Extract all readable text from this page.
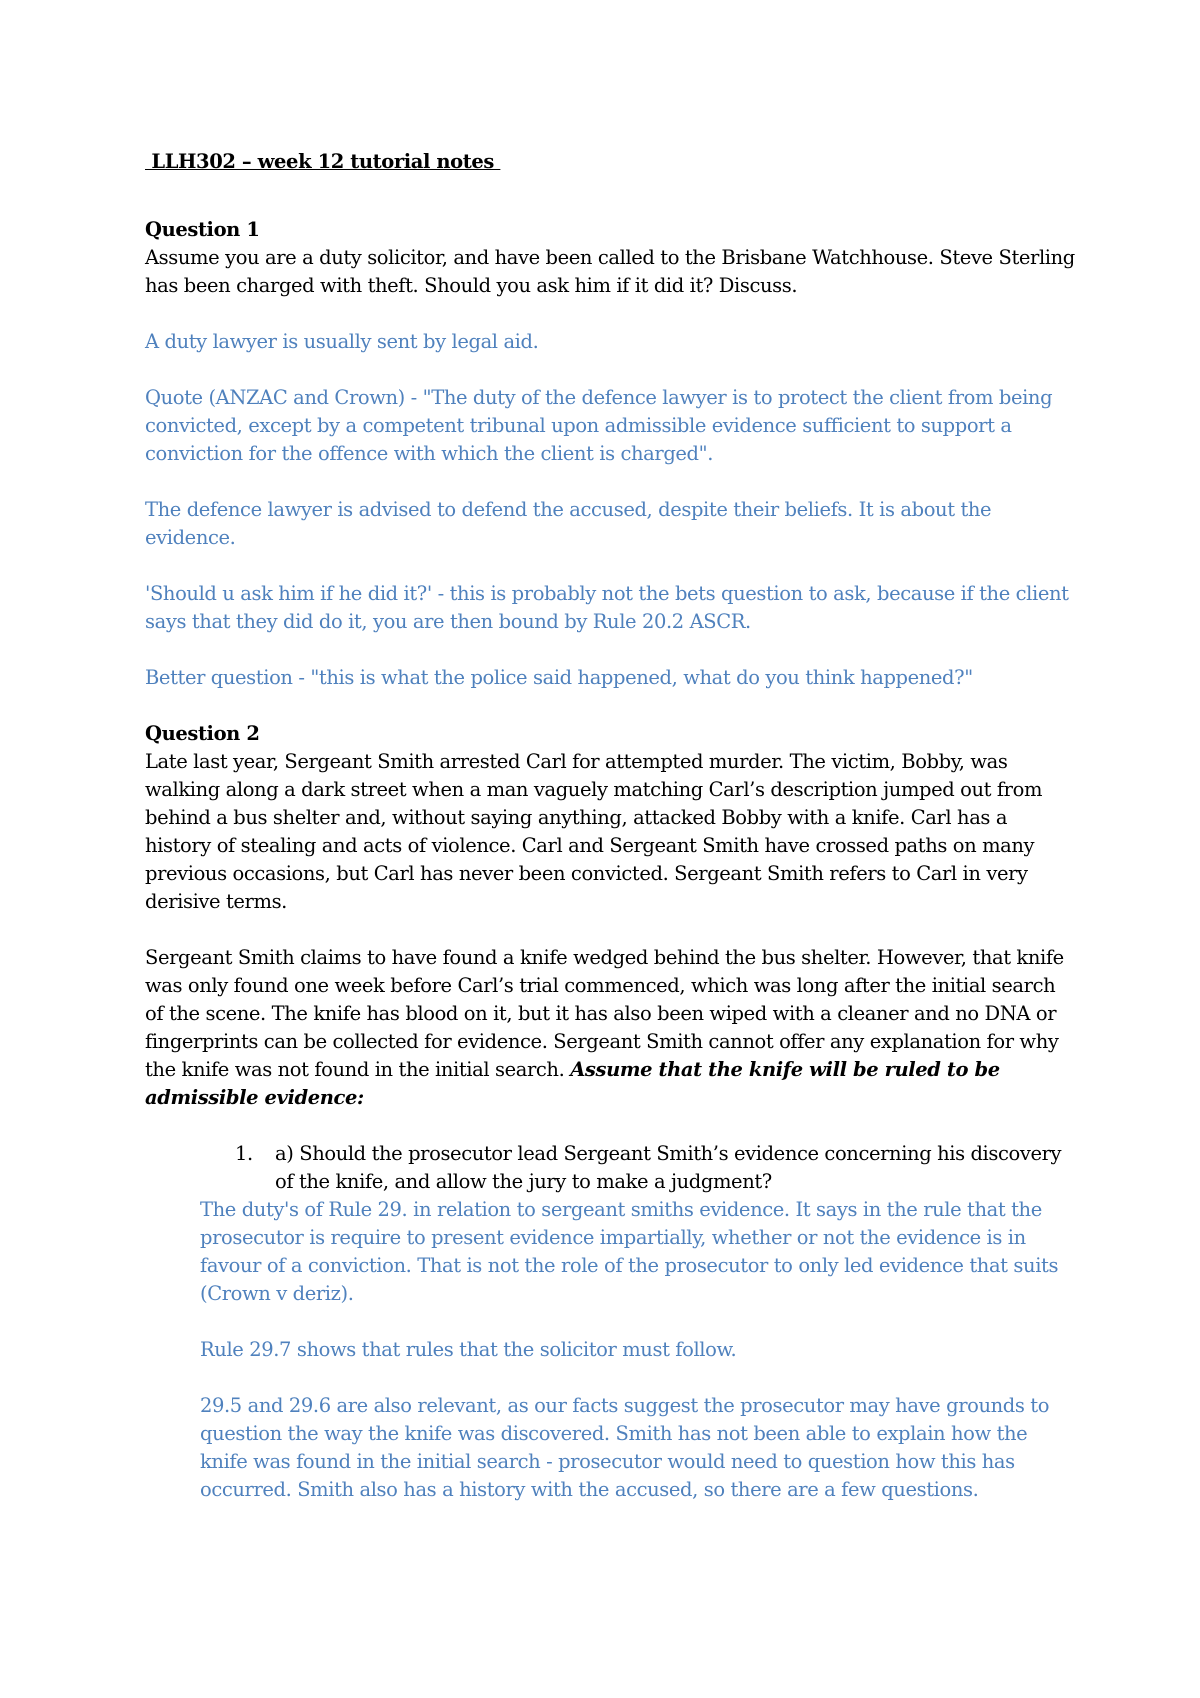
LLH302 – week 12 tutorial notes

Question 1

Assume you are a duty solicitor, and have been called to the Brisbane Watchhouse. Steve Sterling has been charged with theft. Should you ask him if it did it? Discuss.

A duty lawyer is usually sent by legal aid.

Quote (ANZAC and Crown) - "The duty of the defence lawyer is to protect the client from being convicted, except by a competent tribunal upon admissible evidence sufficient to support a conviction for the offence with which the client is charged".

The defence lawyer is advised to defend the accused, despite their beliefs. It is about the evidence.

'Should u ask him if he did it?' - this is probably not the bets question to ask, because if the client says that they did do it, you are then bound by Rule 20.2 ASCR.

Better question - "this is what the police said happened, what do you think happened?"

Question 2

Late last year, Sergeant Smith arrested Carl for attempted murder. The victim, Bobby, was walking along a dark street when a man vaguely matching Carl’s description jumped out from behind a bus shelter and, without saying anything, attacked Bobby with a knife. Carl has a history of stealing and acts of violence. Carl and Sergeant Smith have crossed paths on many previous occasions, but Carl has never been convicted. Sergeant Smith refers to Carl in very derisive terms.

Sergeant Smith claims to have found a knife wedged behind the bus shelter. However, that knife was only found one week before Carl’s trial commenced, which was long after the initial search of the scene. The knife has blood on it, but it has also been wiped with a cleaner and no DNA or fingerprints can be collected for evidence. Sergeant Smith cannot offer any explanation for why the knife was not found in the initial search. Assume that the knife will be ruled to be admissible evidence:

1. a) Should the prosecutor lead Sergeant Smith’s evidence concerning his discovery of the knife, and allow the jury to make a judgment?

The duty's of Rule 29. in relation to sergeant smiths evidence. It says in the rule that the prosecutor is require to present evidence impartially, whether or not the evidence is in favour of a conviction. That is not the role of the prosecutor to only led evidence that suits (Crown v deriz).

Rule 29.7 shows that rules that the solicitor must follow.

29.5 and 29.6 are also relevant, as our facts suggest the prosecutor may have grounds to question the way the knife was discovered. Smith has not been able to explain how the knife was found in the initial search - prosecutor would need to question how this has occurred. Smith also has a history with the accused, so there are a few questions.
